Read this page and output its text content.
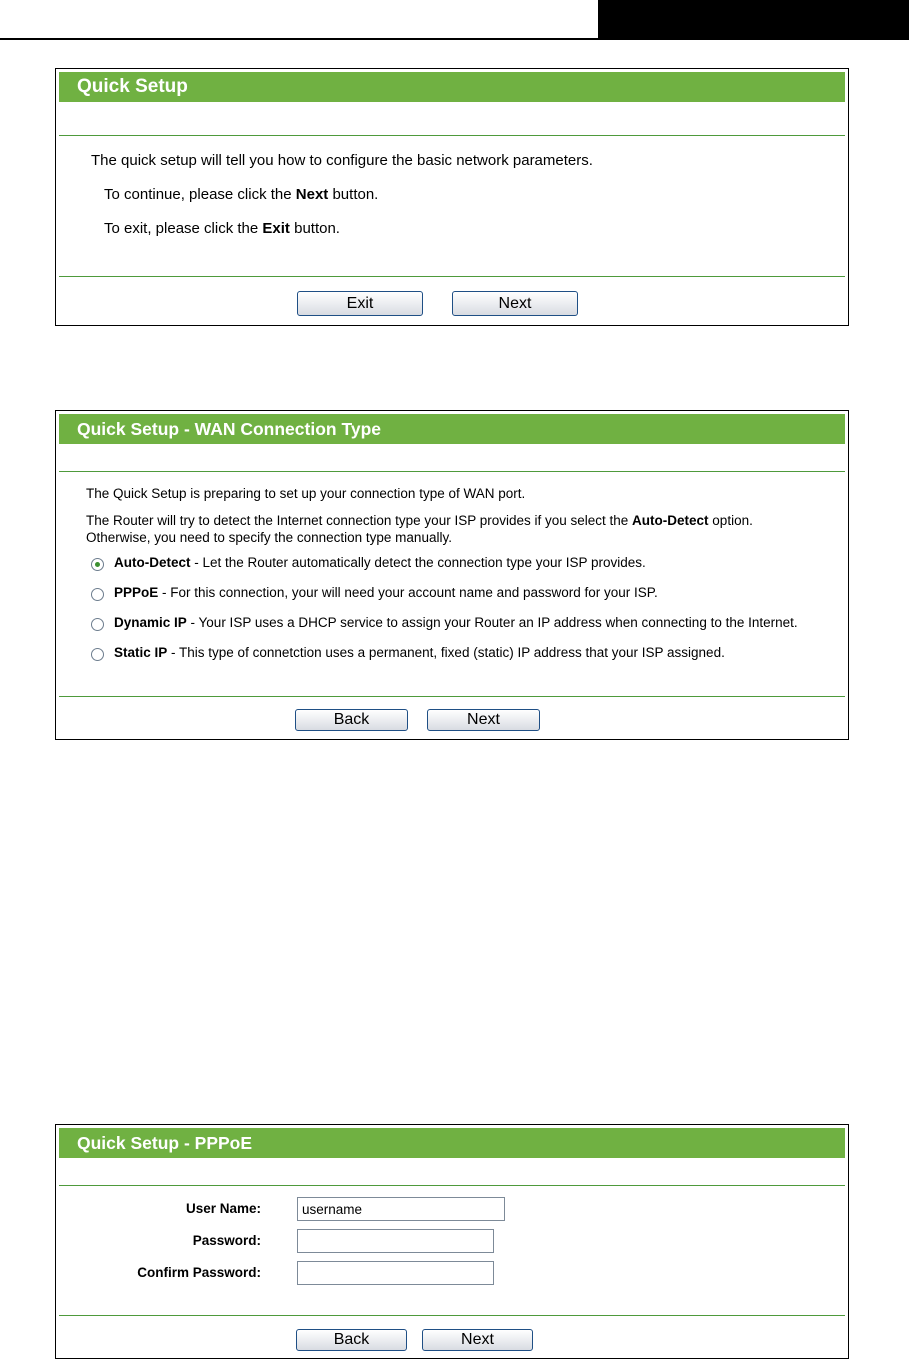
Quick Setup
The quick setup will tell you how to configure the basic network parameters.
To continue, please click the Next button.
To exit, please click the Exit button.
Exit	Next
Quick Setup - WAN Connection Type
The Quick Setup is preparing to set up your connection type of WAN port.
The Router will try to detect the Internet connection type your ISP provides if you select the Auto-Detect option.
Otherwise, you need to specify the connection type manually.
Auto-Detect - Let the Router automatically detect the connection type your ISP provides.
PPPoE - For this connection, your will need your account name and password for your ISP.
Dynamic IP - Your ISP uses a DHCP service to assign your Router an IP address when connecting to the Internet.
Static IP - This type of connetction uses a permanent, fixed (static) IP address that your ISP assigned.
Back	Next
Quick Setup - PPPoE
User Name:
username
Password:
Confirm Password:
Back	Next
